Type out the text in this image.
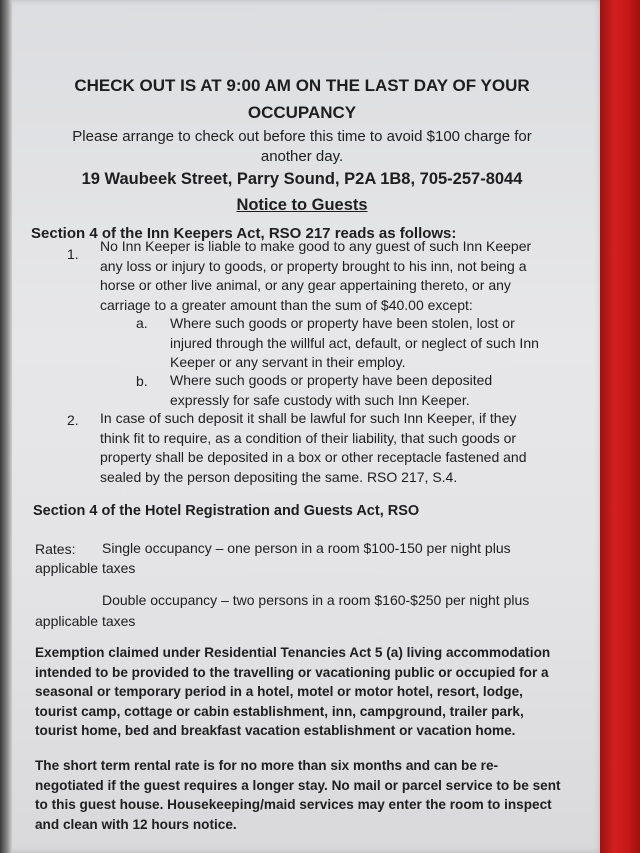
CHECK OUT IS AT 9:00 AM ON THE LAST DAY OF YOUR
OCCUPANCY
Please arrange to check out before this time to avoid $100 charge for
another day.
19 Waubeek Street, Parry Sound, P2A 1B8, 705-257-8044
Notice to Guests
Section 4 of the Inn Keepers Act, RSO 217 reads as follows:
1. No Inn Keeper is liable to make good to any guest of such Inn Keeper
any loss or injury to goods, or property brought to his inn, not being a
horse or other live animal, or any gear appertaining thereto, or any
carriage to a greater amount than the sum of $40.00 except:
a. Where such goods or property have been stolen, lost or
injured through the willful act, default, or neglect of such Inn
Keeper or any servant in their employ.
b. Where such goods or property have been deposited
expressly for safe custody with such Inn Keeper.
2. In case of such deposit it shall be lawful for such Inn Keeper, if they
think fit to require, as a condition of their liability, that such goods or
property shall be deposited in a box or other receptacle fastened and
sealed by the person depositing the same. RSO 217, S.4.
Section 4 of the Hotel Registration and Guests Act, RSO
Rates: Single occupancy – one person in a room $100-150 per night plus
applicable taxes
Double occupancy – two persons in a room $160-$250 per night plus
applicable taxes
Exemption claimed under Residential Tenancies Act 5 (a) living accommodation
intended to be provided to the travelling or vacationing public or occupied for a
seasonal or temporary period in a hotel, motel or motor hotel, resort, lodge,
tourist camp, cottage or cabin establishment, inn, campground, trailer park,
tourist home, bed and breakfast vacation establishment or vacation home.
The short term rental rate is for no more than six months and can be re-
negotiated if the guest requires a longer stay. No mail or parcel service to be sent
to this guest house. Housekeeping/maid services may enter the room to inspect
and clean with 12 hours notice.
